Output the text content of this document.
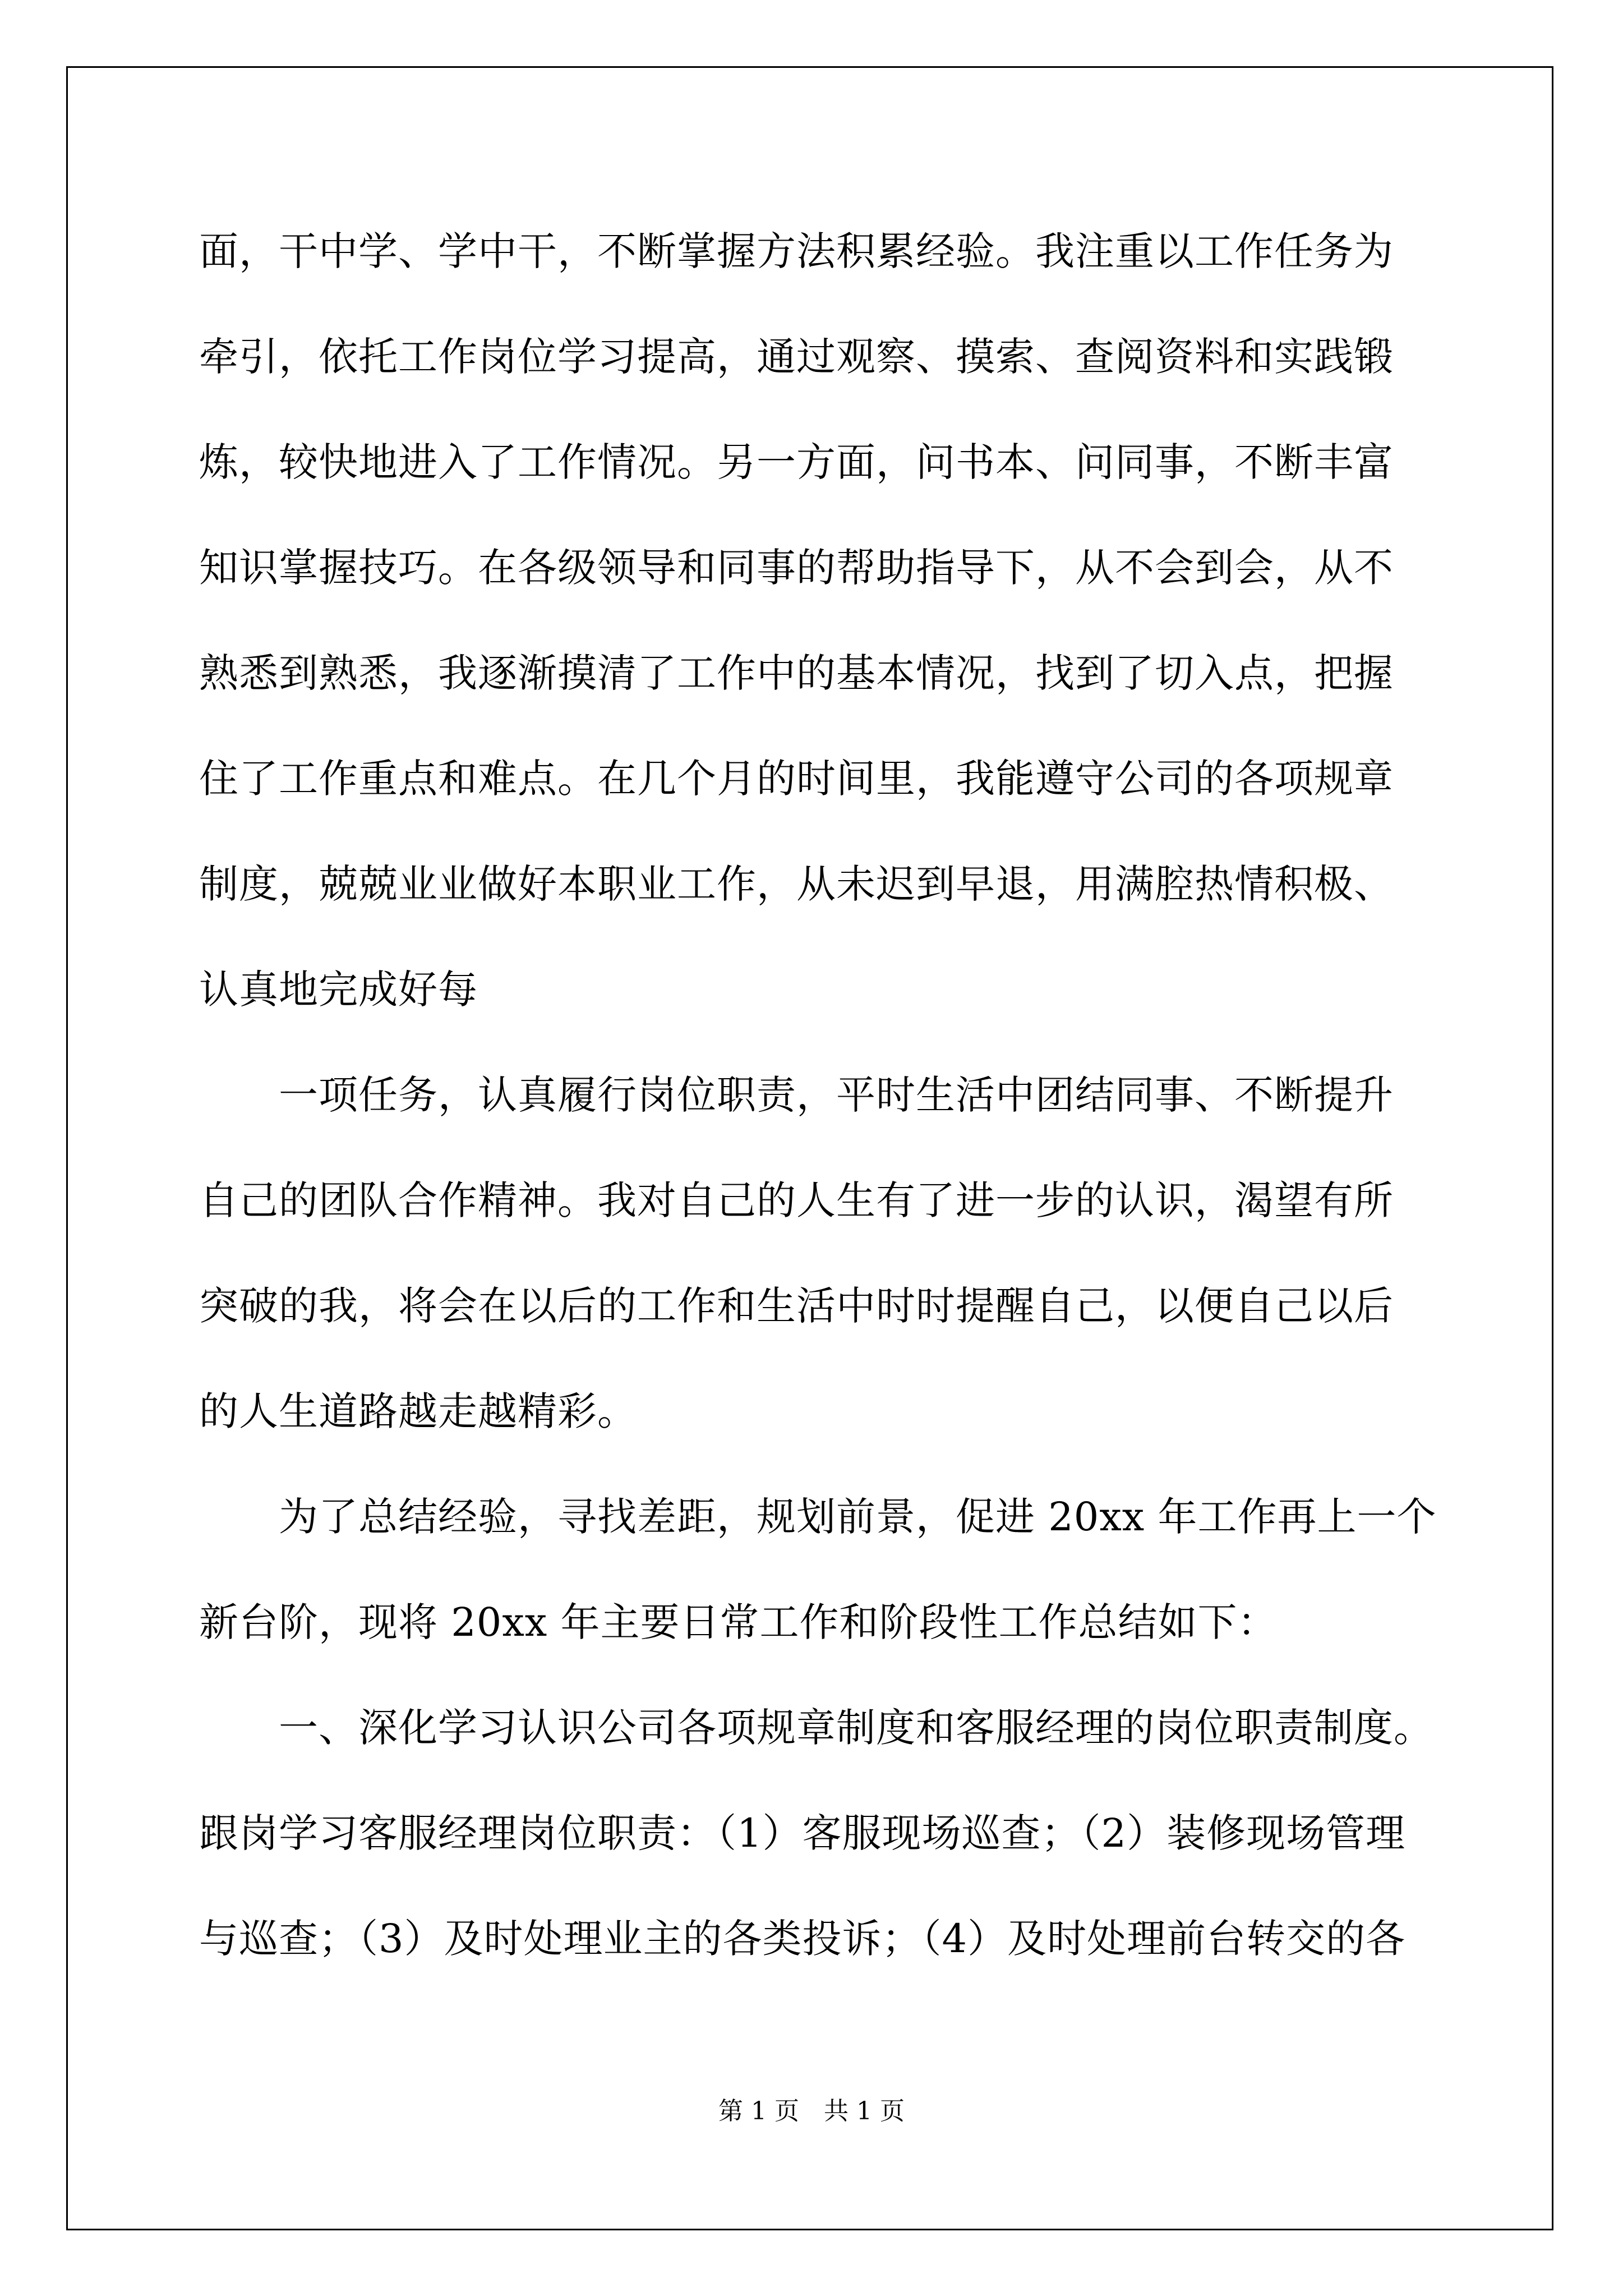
面，干中学、学中干，不断掌握方法积累经验。我注重以工作任务为
牵引，依托工作岗位学习提高，通过观察、摸索、查阅资料和实践锻
炼，较快地进入了工作情况。另一方面，问书本、问同事，不断丰富
知识掌握技巧。在各级领导和同事的帮助指导下，从不会到会，从不
熟悉到熟悉，我逐渐摸清了工作中的基本情况，找到了切入点，把握
住了工作重点和难点。在几个月的时间里，我能遵守公司的各项规章
制度，兢兢业业做好本职业工作，从未迟到早退，用满腔热情积极、
认真地完成好每
一项任务，认真履行岗位职责，平时生活中团结同事、不断提升
自己的团队合作精神。我对自己的人生有了进一步的认识，渴望有所
突破的我，将会在以后的工作和生活中时时提醒自己，以便自己以后
的人生道路越走越精彩。
为了总结经验，寻找差距，规划前景，促进 20xx 年工作再上一个
新台阶，现将 20xx 年主要日常工作和阶段性工作总结如下：
一、深化学习认识公司各项规章制度和客服经理的岗位职责制度。
跟岗学习客服经理岗位职责：（1）客服现场巡查；（2）装修现场管理
与巡查；（3）及时处理业主的各类投诉；（4）及时处理前台转交的各
第 1 页　共 1 页
